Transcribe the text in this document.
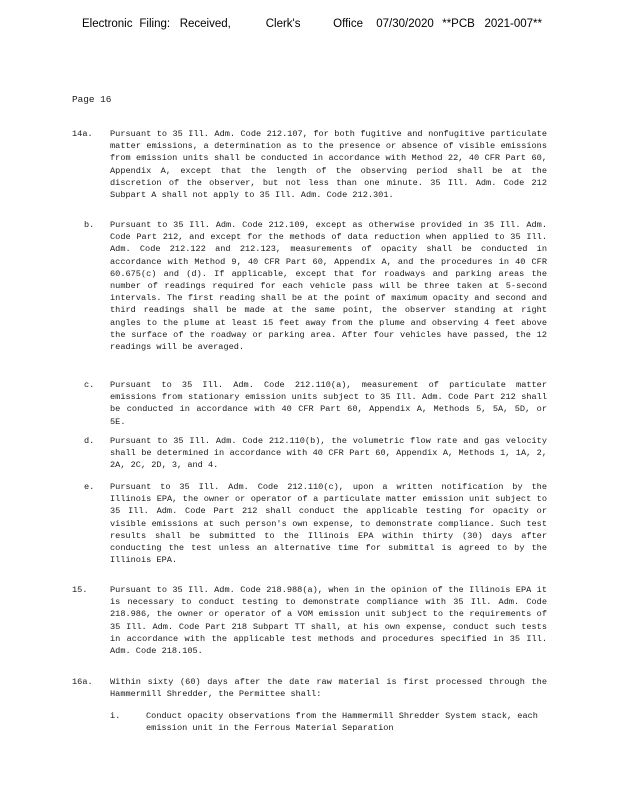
Electronic Filing: Received,	Clerk's	Office	07/30/2020 **PCB 2021-007**
Page 16
14a.	Pursuant to 35 Ill. Adm. Code 212.107, for both fugitive and nonfugitive particulate matter emissions, a determination as to the presence or absence of visible emissions from emission units shall be conducted in accordance with Method 22, 40 CFR Part 60, Appendix A, except that the length of the observing period shall be at the discretion of the observer, but not less than one minute. 35 Ill. Adm. Code 212 Subpart A shall not apply to 35 Ill. Adm. Code 212.301.
b.	Pursuant to 35 Ill. Adm. Code 212.109, except as otherwise provided in 35 Ill. Adm. Code Part 212, and except for the methods of data reduction when applied to 35 Ill. Adm. Code 212.122 and 212.123, measurements of opacity shall be conducted in accordance with Method 9, 40 CFR Part 60, Appendix A, and the procedures in 40 CFR 60.675(c) and (d). If applicable, except that for roadways and parking areas the number of readings required for each vehicle pass will be three taken at 5-second intervals. The first reading shall be at the point of maximum opacity and second and third readings shall be made at the same point, the observer standing at right angles to the plume at least 15 feet away from the plume and observing 4 feet above the surface of the roadway or parking area. After four vehicles have passed, the 12 readings will be averaged.
c.	Pursuant to 35 Ill. Adm. Code 212.110(a), measurement of particulate matter emissions from stationary emission units subject to 35 Ill. Adm. Code Part 212 shall be conducted in accordance with 40 CFR Part 60, Appendix A, Methods 5, 5A, 5D, or 5E.
d.	Pursuant to 35 Ill. Adm. Code 212.110(b), the volumetric flow rate and gas velocity shall be determined in accordance with 40 CFR Part 60, Appendix A, Methods 1, 1A, 2, 2A, 2C, 2D, 3, and 4.
e.	Pursuant to 35 Ill. Adm. Code 212.110(c), upon a written notification by the Illinois EPA, the owner or operator of a particulate matter emission unit subject to 35 Ill. Adm. Code Part 212 shall conduct the applicable testing for opacity or visible emissions at such person's own expense, to demonstrate compliance. Such test results shall be submitted to the Illinois EPA within thirty (30) days after conducting the test unless an alternative time for submittal is agreed to by the Illinois EPA.
15.	Pursuant to 35 Ill. Adm. Code 218.988(a), when in the opinion of the Illinois EPA it is necessary to conduct testing to demonstrate compliance with 35 Ill. Adm. Code 218.986, the owner or operator of a VOM emission unit subject to the requirements of 35 Ill. Adm. Code Part 218 Subpart TT shall, at his own expense, conduct such tests in accordance with the applicable test methods and procedures specified in 35 Ill. Adm. Code 218.105.
16a.	Within sixty (60) days after the date raw material is first processed through the Hammermill Shredder, the Permittee shall:
i.	Conduct opacity observations from the Hammermill Shredder System stack, each emission unit in the Ferrous Material Separation
